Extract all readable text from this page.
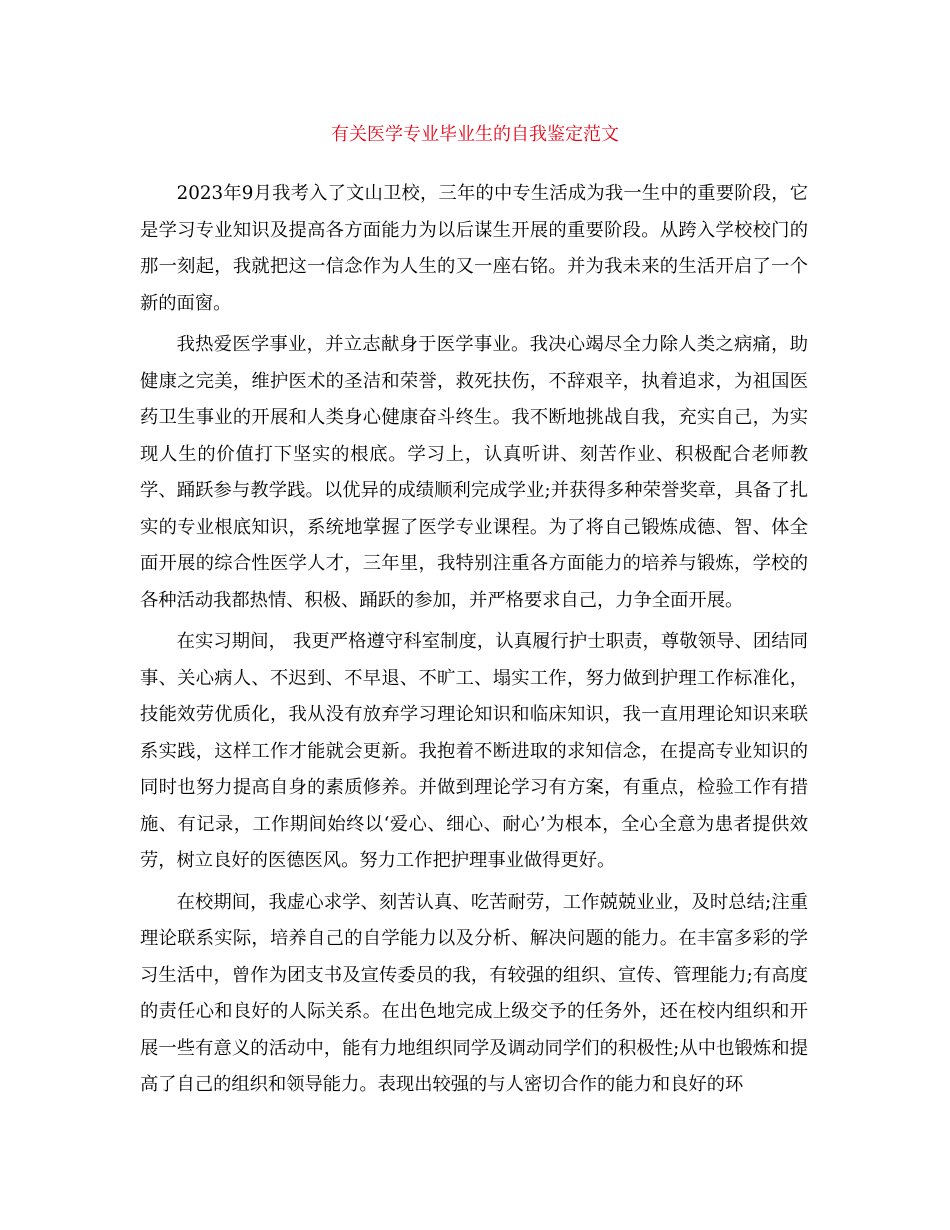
有关医学专业毕业生的自我鉴定范文

2023年9月我考入了文山卫校，三年的中专生活成为我一生中的重要阶段，它是学习专业知识及提高各方面能力为以后谋生开展的重要阶段。从跨入学校校门的那一刻起，我就把这一信念作为人生的又一座右铭。并为我未来的生活开启了一个新的面窗。

我热爱医学事业，并立志献身于医学事业。我决心竭尽全力除人类之病痛，助健康之完美，维护医术的圣洁和荣誉，救死扶伤，不辞艰辛，执着追求，为祖国医药卫生事业的开展和人类身心健康奋斗终生。我不断地挑战自我，充实自己，为实现人生的价值打下坚实的根底。学习上，认真听讲、刻苦作业、积极配合老师教学、踊跃参与教学践。以优异的成绩顺利完成学业;并获得多种荣誉奖章，具备了扎实的专业根底知识，系统地掌握了医学专业课程。为了将自己锻炼成德、智、体全面开展的综合性医学人才，三年里，我特别注重各方面能力的培养与锻炼，学校的各种活动我都热情、积极、踊跃的参加，并严格要求自己，力争全面开展。

在实习期间， 我更严格遵守科室制度，认真履行护士职责，尊敬领导、团结同事、关心病人、不迟到、不早退、不旷工、塌实工作，努力做到护理工作标准化，技能效劳优质化，我从没有放弃学习理论知识和临床知识，我一直用理论知识来联系实践，这样工作才能就会更新。我抱着不断进取的求知信念，在提高专业知识的同时也努力提高自身的素质修养。并做到理论学习有方案，有重点，检验工作有措施、有记录，工作期间始终以‘爱心、细心、耐心’为根本，全心全意为患者提供效劳，树立良好的医德医风。努力工作把护理事业做得更好。

在校期间，我虚心求学、刻苦认真、吃苦耐劳，工作兢兢业业，及时总结;注重理论联系实际，培养自己的自学能力以及分析、解决问题的能力。在丰富多彩的学习生活中，曾作为团支书及宣传委员的我，有较强的组织、宣传、管理能力;有高度的责任心和良好的人际关系。在出色地完成上级交予的任务外，还在校内组织和开展一些有意义的活动中，能有力地组织同学及调动同学们的积极性;从中也锻炼和提高了自己的组织和领导能力。表现出较强的与人密切合作的能力和良好的环
